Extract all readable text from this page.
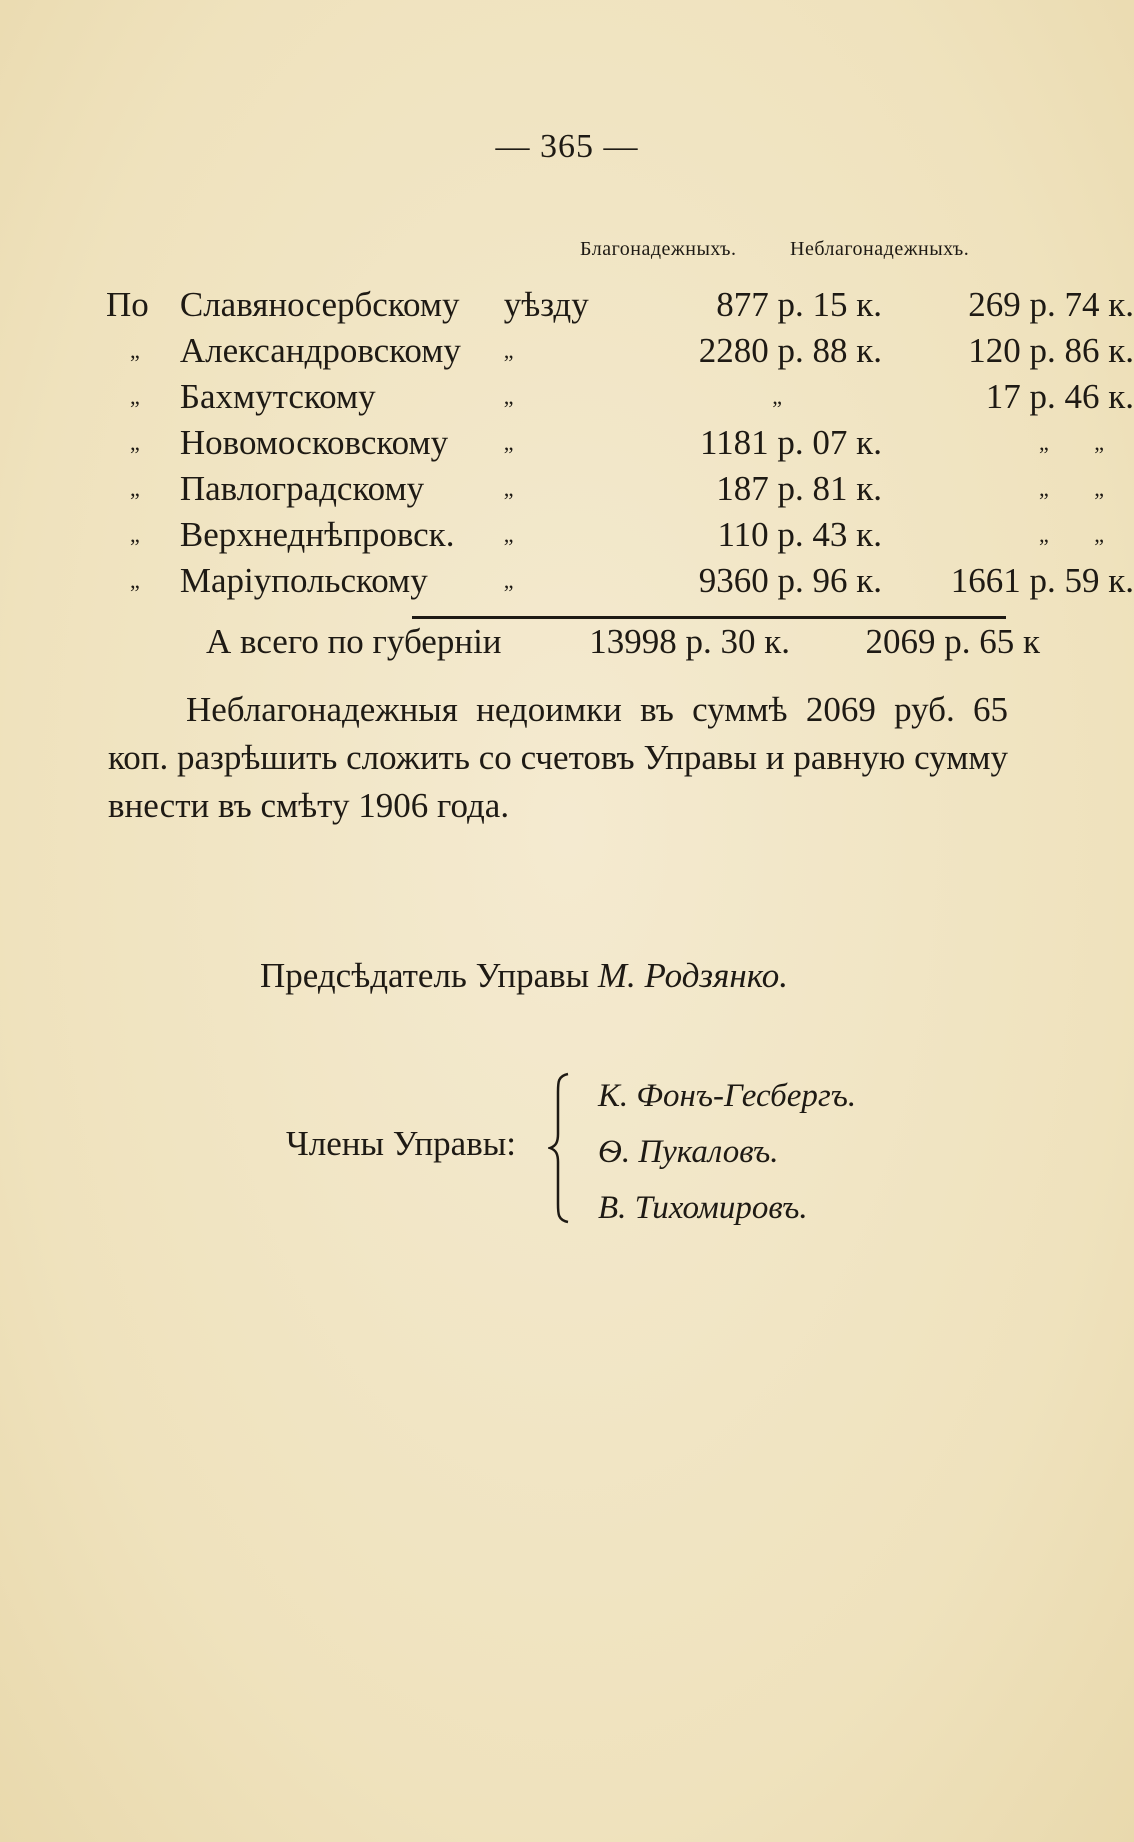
— 365 —
Благонадежныхъ.	Неблагонадежныхъ.
По	Славяносербскому	уѣзду	877 р. 15 к.	269 р. 74 к.
„	Александровскому	„	2280 р. 88 к.	120 р. 86 к.
„	Бахмутскому	„	„	17 р. 46 к.
„	Новомосковскому	„	1181 р. 07 к.	„ „
„	Павлоградскому	„	187 р. 81 к.	„ „
„	Верхнеднѣпровск.	„	110 р. 43 к.	„ „
„	Маріупольскому	„	9360 р. 96 к.	1661 р. 59 к.
А всего по губерніи	13998 р. 30 к. 2069 р. 65 к
Неблагонадежныя недоимки въ суммѣ 2069 руб. 65 коп. разрѣшить сложить со счетовъ Управы и равную сумму внести въ смѣту 1906 года.
Предсѣдатель Управы М. Родзянко.
Члены Управы:
К. Фонъ-Гесбергъ.
Ѳ. Пукаловъ.
В. Тихомировъ.
